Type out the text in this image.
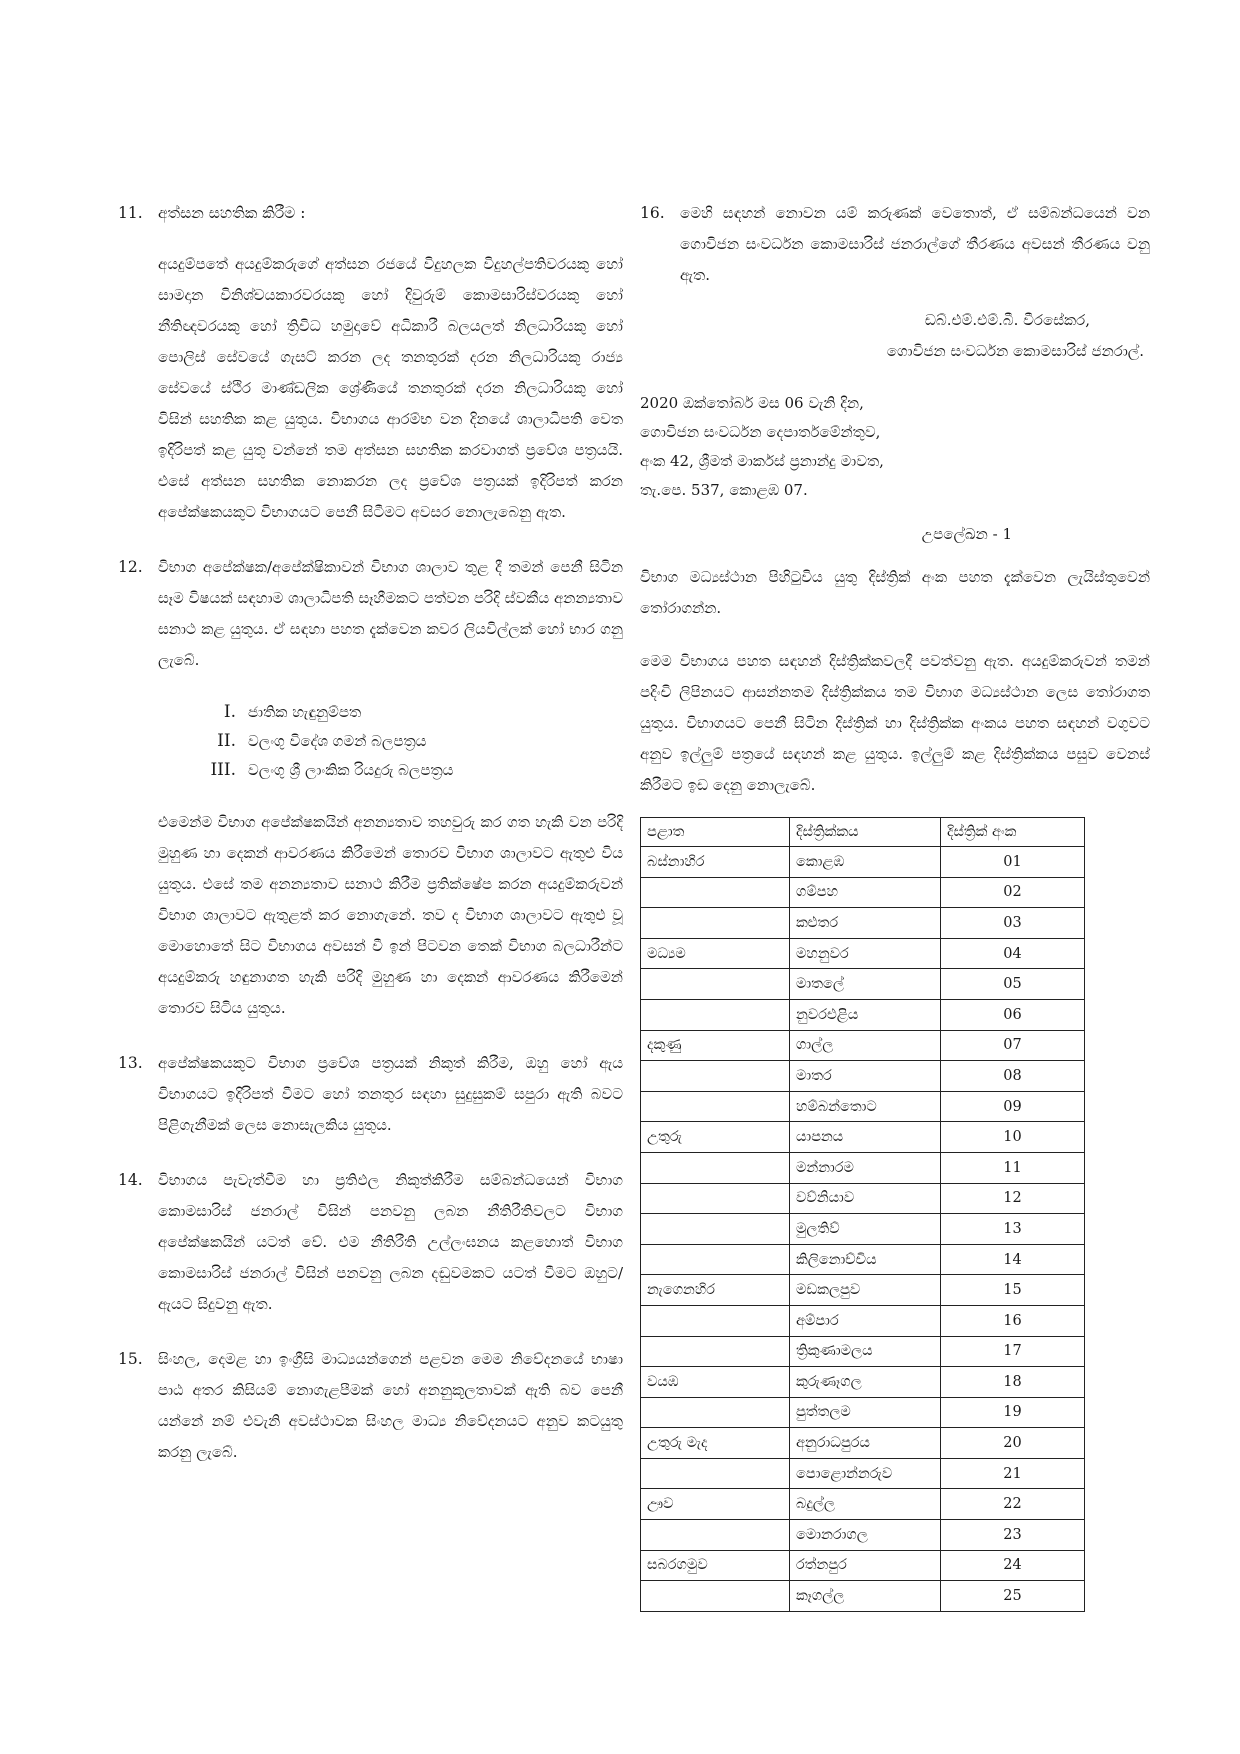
11. අත්සන සහතික කිරීම :

අයදුම්පතේ අයදුම්කරුගේ අත්සන රජයේ විදුහලක විදුහල්පතිවරයකු හෝ සාමදාන විනිශ්චයකාරවරයකු හෝ දිවුරුම් කොමසාරිස්වරයකු හෝ නීතිඥවරයකු හෝ ත්‍රිවිධ හමුදාවේ අධිකාරී බලයලත් නිලධාරියකු හෝ පොලිස් සේවයේ ගැසට් කරන ලද තනතුරක් දරන නිලධාරියකු රාජ්‍ය සේවයේ ස්ථිර මාණ්ඩලික ශ්‍රේණියේ තනතුරක් දරන නිලධාරියකු හෝ විසින් සහතික කළ යුතුය. විභාගය ආරම්භ වන දිනයේ ශාලාධිපති වෙත ඉදිරිපත් කළ යුතු වන්නේ තම අත්සන සහතික කරවාගත් ප්‍රවේශ පත්‍රයයි. එසේ අත්සන සහතික නොකරන ලද ප්‍රවේශ පත්‍රයක් ඉදිරිපත් කරන අපේක්ෂකයකුට විභාගයට පෙනී සිටීමට අවසර නොලැබෙනු ඇත.

12. විභාග අපේක්ෂක/අපේක්ෂිකාවන් විභාග ශාලාව තුළ දී තමන් පෙනී සිටින සෑම විෂයක් සඳහාම ශාලාධිපති සෑහීමකට පත්වන පරිදි ස්වකීය අනන්‍යතාව සනාථ කළ යුතුය. ඒ සඳහා පහත දැක්වෙන කවර ලියවිල්ලක් හෝ භාර ගනු ලැබේ.

I. ජාතික හැඳුනුම්පත
II. වලංගු විදේශ ගමන් බලපත්‍රය
III. වලංගු ශ්‍රී ලාංකික රියදුරු බලපත්‍රය

එමෙන්ම විභාග අපේක්ෂකයින් අනන්‍යතාව තහවුරු කර ගත හැකි වන පරිදි මුහුණ හා දෙකන් ආවරණය කිරීමෙන් තොරව විභාග ශාලාවට ඇතුළු විය යුතුය. එසේ තම අනන්‍යතාව සනාථ කිරීම ප්‍රතික්ෂේප කරන අයදුම්කරුවන් විභාග ශාලාවට ඇතුළත් කර නොගැනේ. තව ද විභාග ශාලාවට ඇතුළු වූ මොහොතේ සිට විභාගය අවසන් වී ඉන් පිටවන තෙක් විභාග බලධාරීන්ට අයදුම්කරු හඳුනාගත හැකි පරිදි මුහුණ හා දෙකන් ආවරණය කිරීමෙන් තොරව සිටිය යුතුය.

13. අපේක්ෂකයකුට විභාග ප්‍රවේශ පත්‍රයක් නිකුත් කිරීම, ඔහු හෝ ඇය විභාගයට ඉදිරිපත් වීමට හෝ තනතුර සඳහා සුදුසුකම් සපුරා ඇති බවට පිළිගැනීමක් ලෙස නොසැලකිය යුතුය.

14. විභාගය පැවැත්වීම හා ප්‍රතිඵල නිකුත්කිරීම සම්බන්ධයෙන් විභාග කොමසාරිස් ජනරාල් විසින් පනවනු ලබන නීතිරීතිවලට විභාග අපේක්ෂකයින් යටත් වේ. එම නීතිරීති උල්ලංඝනය කළහොත් විභාග කොමසාරිස් ජනරාල් විසින් පනවනු ලබන දඬුවමකට යටත් වීමට ඔහුට/ ඇයට සිදුවනු ඇත.

15. සිංහල, දෙමළ හා ඉංග්‍රීසි මාධ්‍යයන්ගෙන් පළවන මෙම නිවේදනයේ භාෂා පාඨ අතර කිසියම් නොගැළපීමක් හෝ අනනුකූලතාවක් ඇති බව පෙනී යන්නේ නම් එවැනි අවස්ථාවක සිංහල මාධ්‍ය නිවේදනයට අනුව කටයුතු කරනු ලැබේ.

16. මෙහි සඳහන් නොවන යම් කරුණක් වෙතොත්, ඒ සම්බන්ධයෙන් වන ගොවිජන සංවර්ධන කොමසාරිස් ජනරාල්ගේ තීරණය අවසන් තීරණය වනු ඇත.

ඩබ්.එම්.එම්.බී. වීරසේකර,

ගොවිජන සංවර්ධන කොමසාරිස් ජනරාල්.

2020 ඔක්තෝබර් මස 06 වැනි දින,

ගොවිජන සංවර්ධන දෙපාර්තමේන්තුව,

අංක 42, ශ්‍රීමත් මාර්කස් ප්‍රනාන්දු මාවත,

තැ.පෙ. 537, කොළඹ 07.

උපලේඛන - 1

විභාග මධ්‍යස්ථාන පිහිටුවිය යුතු දිස්ත්‍රික් අංක පහත දැක්වෙන ලැයිස්තුවෙන් තෝරාගන්න.

මෙම විභාගය පහත සඳහන් දිස්ත්‍රික්කවලදී පවත්වනු ඇත. අයදුම්කරුවන් තමන් පදිංචි ලිපිනයට ආසන්නතම දිස්ත්‍රික්කය තම විභාග මධ්‍යස්ථාන ලෙස තෝරාගත යුතුය. විභාගයට පෙනී සිටින දිස්ත්‍රික් හා දිස්ත්‍රික්ක අංකය පහත සඳහන් වගුවට අනුව ඉල්ලුම් පත්‍රයේ සඳහන් කළ යුතුය. ඉල්ලුම් කළ දිස්ත්‍රික්කය පසුව වෙනස් කිරීමට ඉඩ දෙනු නොලැබේ.

පළාත	දිස්ත්‍රික්කය	දිස්ත්‍රික් අංක
බස්නාහිර	කොළඹ	01
	ගම්පහ	02
	කළුතර	03
මධ්‍යම	මහනුවර	04
	මාතලේ	05
	නුවරඑළිය	06
දකුණු	ගාල්ල	07
	මාතර	08
	හම්බන්තොට	09
උතුරු	යාපනය	10
	මන්නාරම	11
	වව්නියාව	12
	මුලතිව්	13
	කිලිනොච්චිය	14
නැගෙනහිර	මඩකලපුව	15
	අම්පාර	16
	ත්‍රිකුණාමලය	17
වයඹ	කුරුණෑගල	18
	පුත්තලම	19
උතුරු මැද	අනුරාධපුරය	20
	පොළොන්නරුව	21
ඌව	බදුල්ල	22
	මොනරාගල	23
සබරගමුව	රත්නපුර	24
	කෑගල්ල	25
